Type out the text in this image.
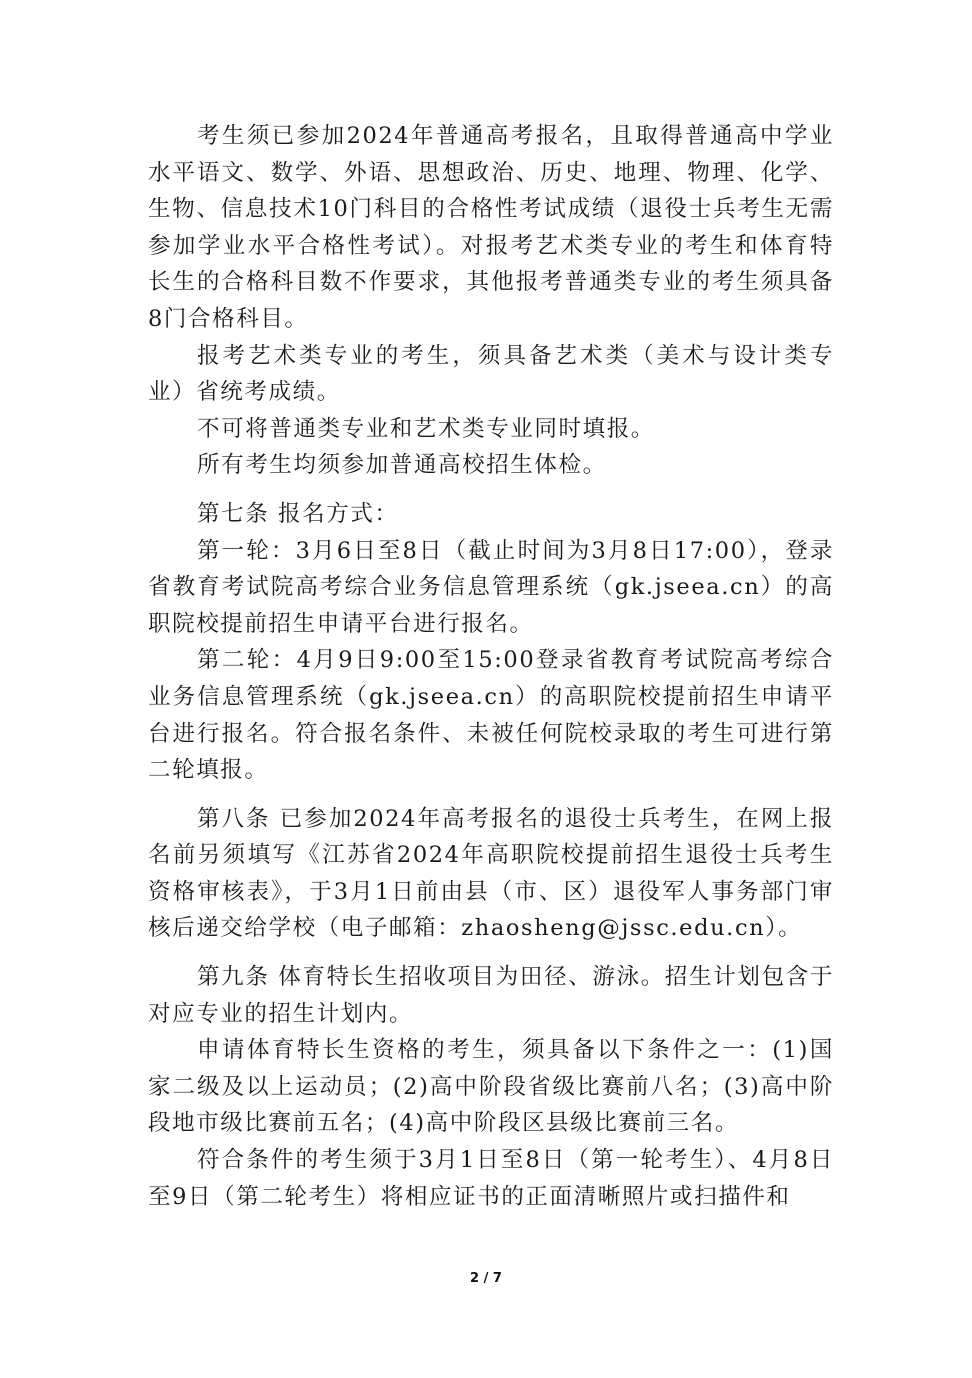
考生须已参加2024年普通高考报名，且取得普通高中学业水平语文、数学、外语、思想政治、历史、地理、物理、化学、生物、信息技术10门科目的合格性考试成绩（退役士兵考生无需参加学业水平合格性考试）。对报考艺术类专业的考生和体育特长生的合格科目数不作要求，其他报考普通类专业的考生须具备8门合格科目。

报考艺术类专业的考生，须具备艺术类（美术与设计类专业）省统考成绩。

不可将普通类专业和艺术类专业同时填报。

所有考生均须参加普通高校招生体检。

第七条 报名方式：

第一轮：3月6日至8日（截止时间为3月8日17:00），登录省教育考试院高考综合业务信息管理系统（gk.jseea.cn）的高职院校提前招生申请平台进行报名。

第二轮：4月9日9:00至15:00登录省教育考试院高考综合业务信息管理系统（gk.jseea.cn）的高职院校提前招生申请平台进行报名。符合报名条件、未被任何院校录取的考生可进行第二轮填报。

第八条 已参加2024年高考报名的退役士兵考生，在网上报名前另须填写《江苏省2024年高职院校提前招生退役士兵考生资格审核表》，于3月1日前由县（市、区）退役军人事务部门审核后递交给学校（电子邮箱：zhaosheng@jssc.edu.cn）。

第九条 体育特长生招收项目为田径、游泳。招生计划包含于对应专业的招生计划内。

申请体育特长生资格的考生，须具备以下条件之一：(1)国家二级及以上运动员；(2)高中阶段省级比赛前八名；(3)高中阶段地市级比赛前五名；(4)高中阶段区县级比赛前三名。

符合条件的考生须于3月1日至8日（第一轮考生）、4月8日至9日（第二轮考生）将相应证书的正面清晰照片或扫描件和

2 / 7
